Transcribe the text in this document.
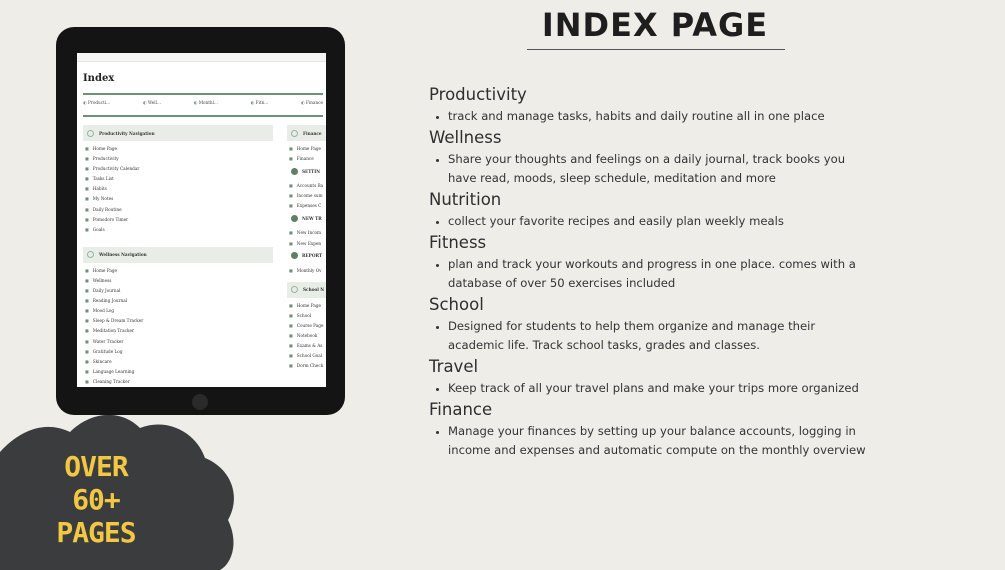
INDEX PAGE
Productivity
• track and manage tasks, habits and daily routine all in one place
Wellness
• Share your thoughts and feelings on a daily journal, track books you have read, moods, sleep schedule, meditation and more
Nutrition
• collect your favorite recipes and easily plan weekly meals
Fitness
• plan and track your workouts and progress in one place. comes with a database of over 50 exercises included
School
• Designed for students to help them organize and manage their academic life. Track school tasks, grades and classes.
Travel
• Keep track of all your travel plans and make your trips more organized
Finance
• Manage your finances by setting up your balance accounts, logging in income and expenses and automatic compute on the monthly overview
OVER
60+
PAGES
Index
◐ Producti...	◐ Well...	◐ Monthl...	◐ Fitn...	◐ Finance
Productivity Navigation
■ Home Page
■ Productivity
■ Productivity Calendar
■ Tasks List
■ Habits
■ My Notes
■ Daily Routine
■ Pomodoro Timer
■ Goals
Wellness Navigation
■ Home Page
■ Wellness
■ Daily Journal
■ Reading Journal
■ Mood Log
■ Sleep & Dream Tracker
■ Meditation Tracker
■ Water Tracker
■ Gratitude Log
■ Skincare
■ Language Learning
■ Cleaning Tracker
Finance
■ Home Page
■ Finance
SETTIN
■ Accounts Ba
■ Income sum
■ Expenses C
NEW TR
■ New Incom
■ New Expen
REPORT
■ Monthly Ov
School N
■ Home Page
■ School
■ Course Page
■ Notebook
■ Exams & As
■ School Goal
■ Dorm Check
